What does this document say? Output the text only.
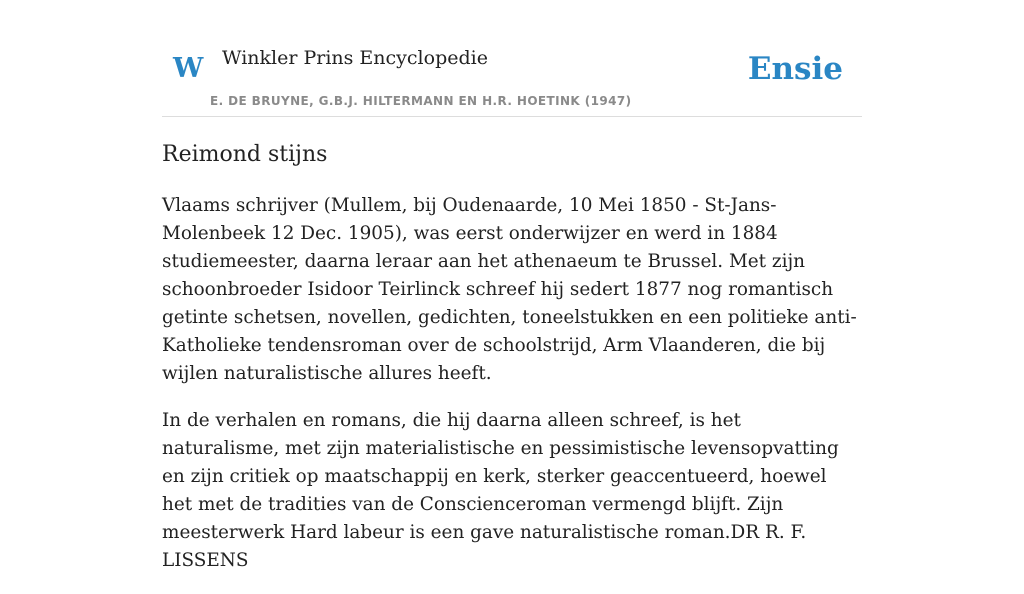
W Winkler Prins Encyclopedie
E. DE BRUYNE, G.B.J. HILTERMANN EN H.R. HOETINK (1947)
Ensie
Reimond stijns

Vlaams schrijver (Mullem, bij Oudenaarde, 10 Mei 1850 - St-Jans-Molenbeek 12 Dec. 1905), was eerst onderwijzer en werd in 1884 studiemeester, daarna leraar aan het athenaeum te Brussel. Met zijn schoonbroeder Isidoor Teirlinck schreef hij sedert 1877 nog romantisch getinte schetsen, novellen, gedichten, toneelstukken en een politieke anti-Katholieke tendensroman over de schoolstrijd, Arm Vlaanderen, die bij wijlen naturalistische allures heeft.

In de verhalen en romans, die hij daarna alleen schreef, is het naturalisme, met zijn materialistische en pessimistische levensopvatting en zijn critiek op maatschappij en kerk, sterker geaccentueerd, hoewel het met de tradities van de Conscienceroman vermengd blijft. Zijn meesterwerk Hard labeur is een gave naturalistische roman.DR R. F. LISSENS
